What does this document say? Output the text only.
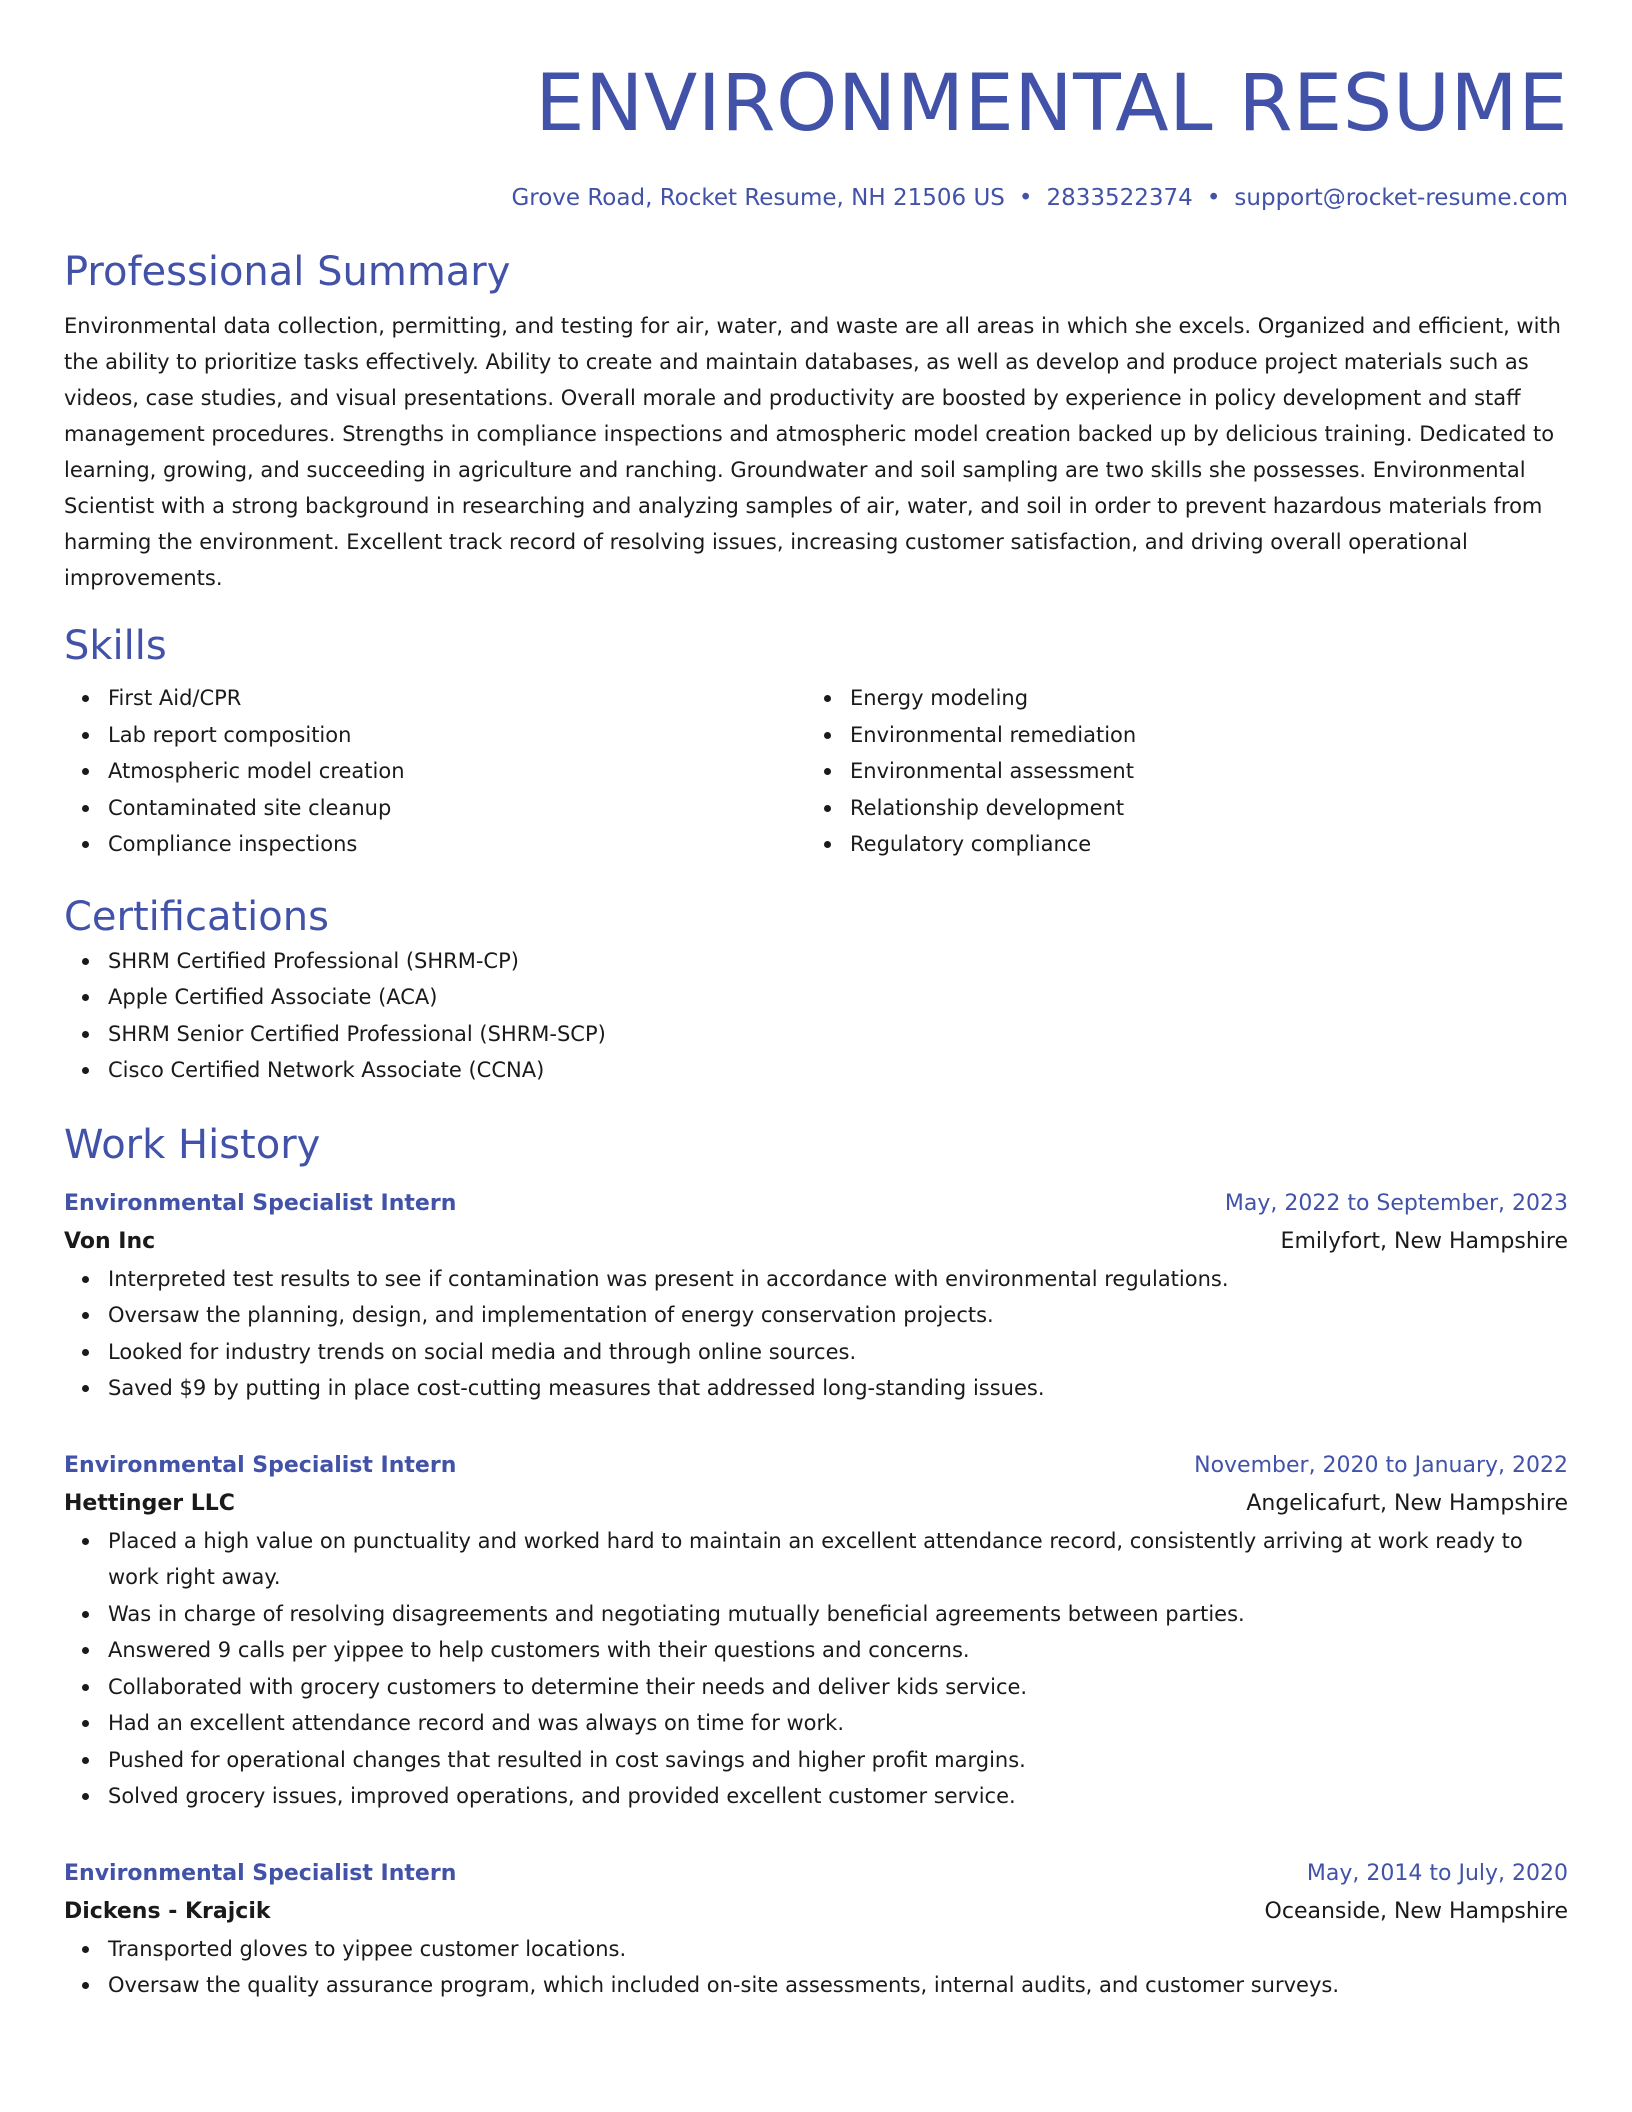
ENVIRONMENTAL RESUME
Grove Road, Rocket Resume, NH 21506 US • 2833522374 • support@rocket-resume.com
Professional Summary
Environmental data collection, permitting, and testing for air, water, and waste are all areas in which she excels. Organized and efficient, with the ability to prioritize tasks effectively. Ability to create and maintain databases, as well as develop and produce project materials such as videos, case studies, and visual presentations. Overall morale and productivity are boosted by experience in policy development and staff management procedures. Strengths in compliance inspections and atmospheric model creation backed up by delicious training. Dedicated to learning, growing, and succeeding in agriculture and ranching. Groundwater and soil sampling are two skills she possesses. Environmental Scientist with a strong background in researching and analyzing samples of air, water, and soil in order to prevent hazardous materials from harming the environment. Excellent track record of resolving issues, increasing customer satisfaction, and driving overall operational improvements.
Skills
First Aid/CPR
Lab report composition
Atmospheric model creation
Contaminated site cleanup
Compliance inspections
Energy modeling
Environmental remediation
Environmental assessment
Relationship development
Regulatory compliance
Certifications
SHRM Certified Professional (SHRM-CP)
Apple Certified Associate (ACA)
SHRM Senior Certified Professional (SHRM-SCP)
Cisco Certified Network Associate (CCNA)
Work History
Environmental Specialist Intern	May, 2022 to September, 2023
Von Inc	Emilyfort, New Hampshire
Interpreted test results to see if contamination was present in accordance with environmental regulations.
Oversaw the planning, design, and implementation of energy conservation projects.
Looked for industry trends on social media and through online sources.
Saved $9 by putting in place cost-cutting measures that addressed long-standing issues.
Environmental Specialist Intern	November, 2020 to January, 2022
Hettinger LLC	Angelicafurt, New Hampshire
Placed a high value on punctuality and worked hard to maintain an excellent attendance record, consistently arriving at work ready to work right away.
Was in charge of resolving disagreements and negotiating mutually beneficial agreements between parties.
Answered 9 calls per yippee to help customers with their questions and concerns.
Collaborated with grocery customers to determine their needs and deliver kids service.
Had an excellent attendance record and was always on time for work.
Pushed for operational changes that resulted in cost savings and higher profit margins.
Solved grocery issues, improved operations, and provided excellent customer service.
Environmental Specialist Intern	May, 2014 to July, 2020
Dickens - Krajcik	Oceanside, New Hampshire
Transported gloves to yippee customer locations.
Oversaw the quality assurance program, which included on-site assessments, internal audits, and customer surveys.
